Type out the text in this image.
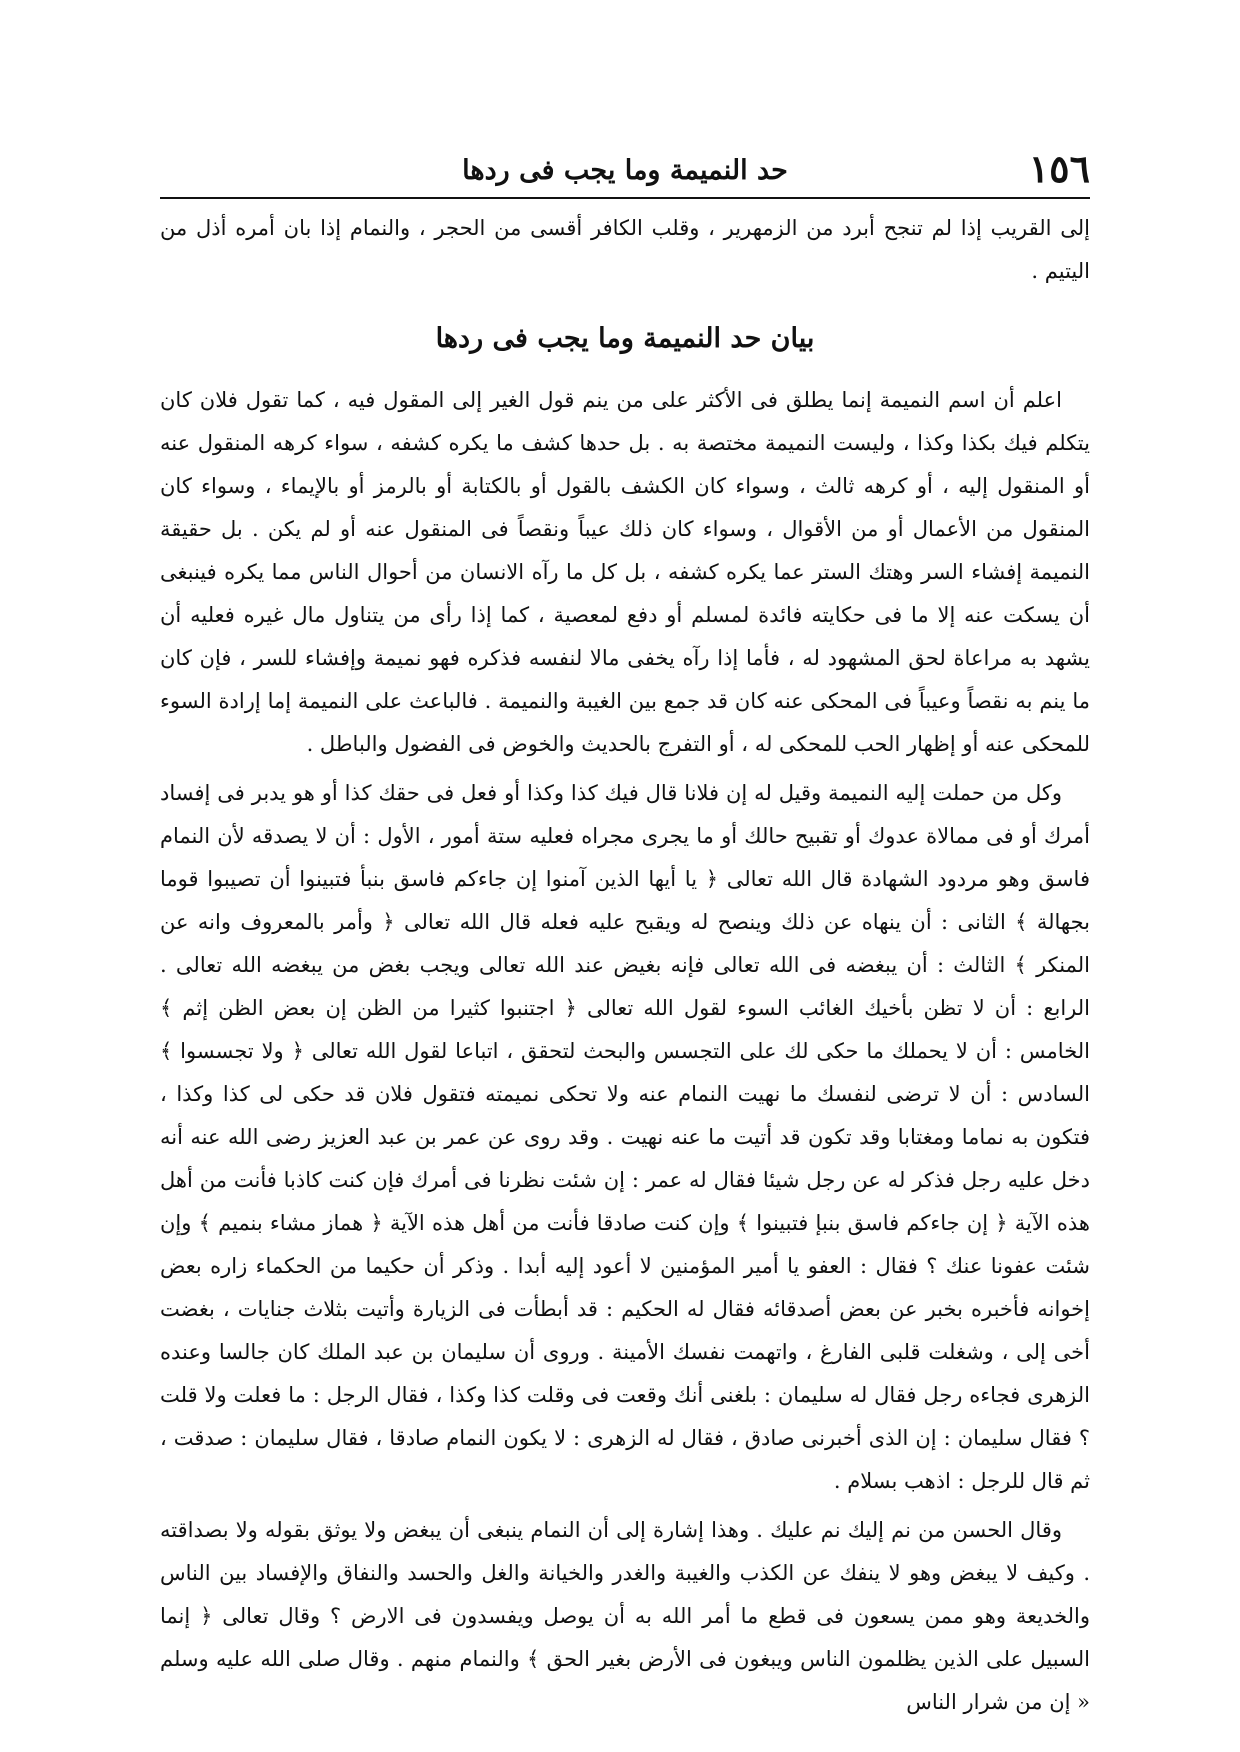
١٥٦
حد النميمة وما يجب فى ردها

إلى القريب إذا لم تنجح أبرد من الزمهرير ، وقلب الكافر أقسى من الحجر ، والنمام إذا بان أمره أذل من اليتيم .

بيان حد النميمة وما يجب فى ردها

اعلم أن اسم النميمة إنما يطلق فى الأكثر على من ينم قول الغير إلى المقول فيه ، كما تقول فلان كان يتكلم فيك بكذا وكذا ، وليست النميمة مختصة به . بل حدها كشف ما يكره كشفه ، سواء كرهه المنقول عنه أو المنقول إليه ، أو كرهه ثالث ، وسواء كان الكشف بالقول أو بالكتابة أو بالرمز أو بالإيماء ، وسواء كان المنقول من الأعمال أو من الأقوال ، وسواء كان ذلك عيباً ونقصاً فى المنقول عنه أو لم يكن . بل حقيقة النميمة إفشاء السر وهتك الستر عما يكره كشفه ، بل كل ما رآه الانسان من أحوال الناس مما يكره فينبغى أن يسكت عنه إلا ما فى حكايته فائدة لمسلم أو دفع لمعصية ، كما إذا رأى من يتناول مال غيره فعليه أن يشهد به مراعاة لحق المشهود له ، فأما إذا رآه يخفى مالا لنفسه فذكره فهو نميمة وإفشاء للسر ، فإن كان ما ينم به نقصاً وعيباً فى المحكى عنه كان قد جمع بين الغيبة والنميمة . فالباعث على النميمة إما إرادة السوء للمحكى عنه أو إظهار الحب للمحكى له ، أو التفرج بالحديث والخوض فى الفضول والباطل .

وكل من حملت إليه النميمة وقيل له إن فلانا قال فيك كذا وكذا أو فعل فى حقك كذا أو هو يدبر فى إفساد أمرك أو فى ممالاة عدوك أو تقبيح حالك أو ما يجرى مجراه فعليه ستة أمور ، الأول : أن لا يصدقه لأن النمام فاسق وهو مردود الشهادة قال الله تعالى ﴿ يا أيها الذين آمنوا إن جاءكم فاسق بنبأ فتبينوا أن تصيبوا قوما بجهالة ﴾ الثانى : أن ينهاه عن ذلك وينصح له ويقبح عليه فعله قال الله تعالى ﴿ وأمر بالمعروف وانه عن المنكر ﴾ الثالث : أن يبغضه فى الله تعالى فإنه بغيض عند الله تعالى ويجب بغض من يبغضه الله تعالى . الرابع : أن لا تظن بأخيك الغائب السوء لقول الله تعالى ﴿ اجتنبوا كثيرا من الظن إن بعض الظن إثم ﴾ الخامس : أن لا يحملك ما حكى لك على التجسس والبحث لتحقق ، اتباعا لقول الله تعالى ﴿ ولا تجسسوا ﴾ السادس : أن لا ترضى لنفسك ما نهيت النمام عنه ولا تحكى نميمته فتقول فلان قد حكى لى كذا وكذا ، فتكون به نماما ومغتابا وقد تكون قد أتيت ما عنه نهيت . وقد روى عن عمر بن عبد العزيز رضى الله عنه أنه دخل عليه رجل فذكر له عن رجل شيئا فقال له عمر : إن شئت نظرنا فى أمرك فإن كنت كاذبا فأنت من أهل هذه الآية ﴿ إن جاءكم فاسق بنبإ فتبينوا ﴾ وإن كنت صادقا فأنت من أهل هذه الآية ﴿ هماز مشاء بنميم ﴾ وإن شئت عفونا عنك ؟ فقال : العفو يا أمير المؤمنين لا أعود إليه أبدا . وذكر أن حكيما من الحكماء زاره بعض إخوانه فأخبره بخبر عن بعض أصدقائه فقال له الحكيم : قد أبطأت فى الزيارة وأتيت بثلاث جنايات ، بغضت أخى إلى ، وشغلت قلبى الفارغ ، واتهمت نفسك الأمينة . وروى أن سليمان بن عبد الملك كان جالسا وعنده الزهرى فجاءه رجل فقال له سليمان : بلغنى أنك وقعت فى وقلت كذا وكذا ، فقال الرجل : ما فعلت ولا قلت ؟ فقال سليمان : إن الذى أخبرنى صادق ، فقال له الزهرى : لا يكون النمام صادقا ، فقال سليمان : صدقت ، ثم قال للرجل : اذهب بسلام .

وقال الحسن من نم إليك نم عليك . وهذا إشارة إلى أن النمام ينبغى أن يبغض ولا يوثق بقوله ولا بصداقته . وكيف لا يبغض وهو لا ينفك عن الكذب والغيبة والغدر والخيانة والغل والحسد والنفاق والإفساد بين الناس والخديعة وهو ممن يسعون فى قطع ما أمر الله به أن يوصل ويفسدون فى الارض ؟ وقال تعالى ﴿ إنما السبيل على الذين يظلمون الناس ويبغون فى الأرض بغير الحق ﴾ والنمام منهم . وقال صلى الله عليه وسلم « إن من شرار الناس
